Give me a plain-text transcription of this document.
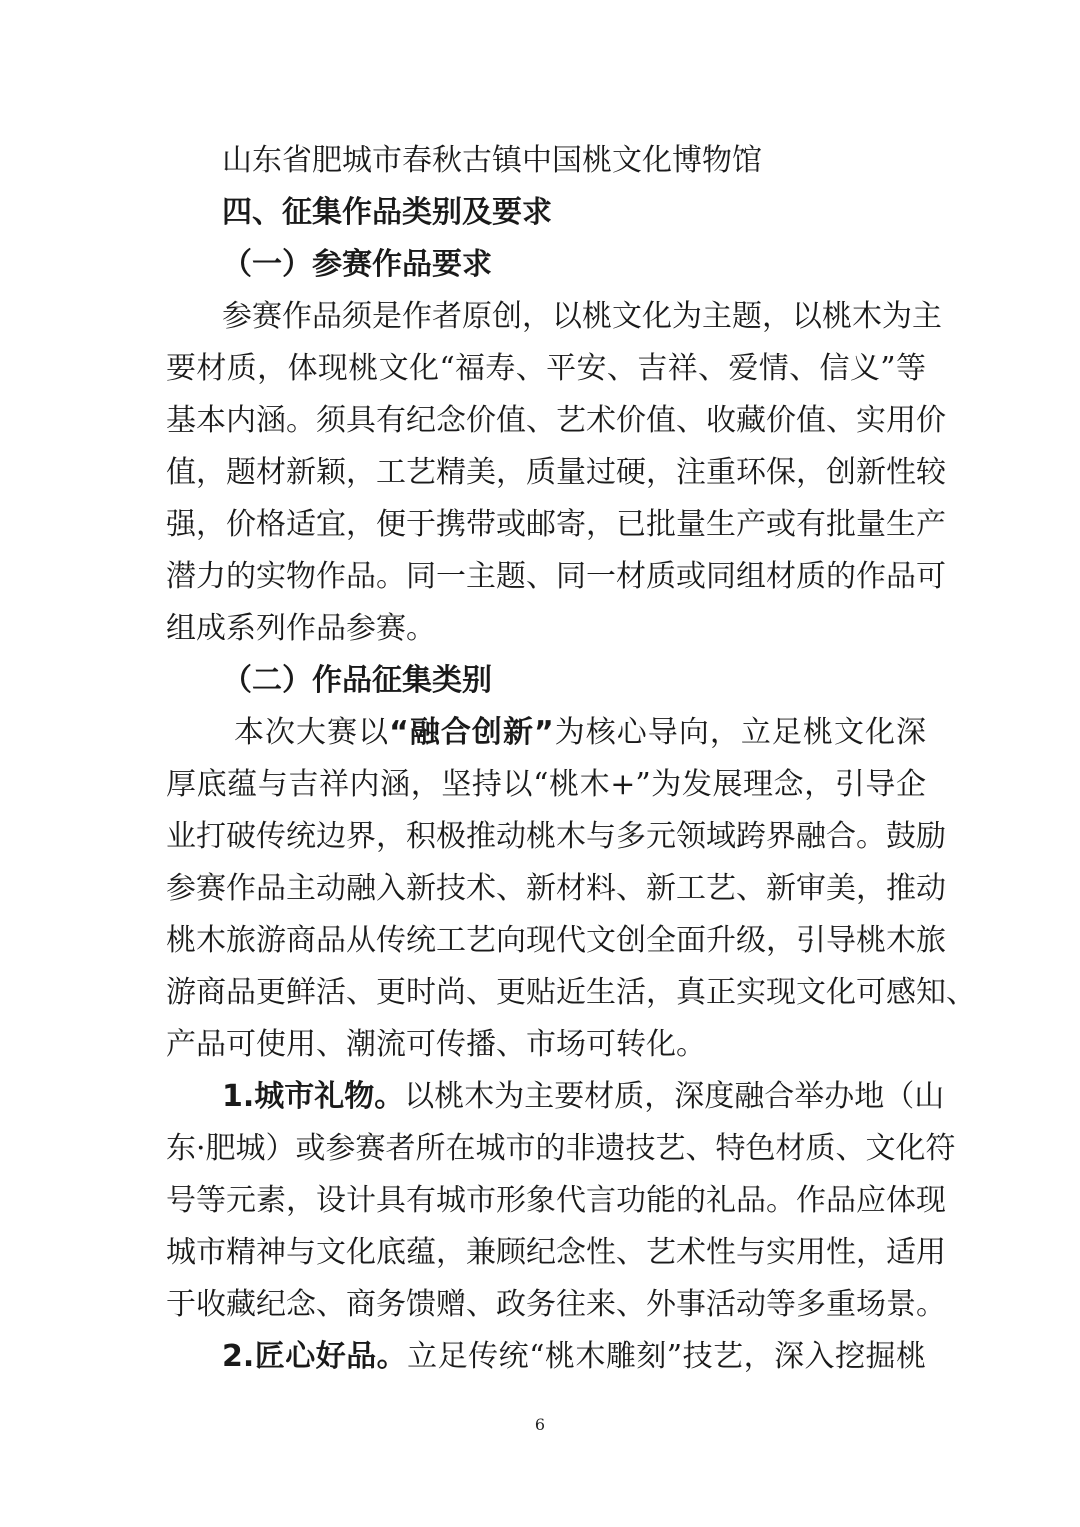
山东省肥城市春秋古镇中国桃文化博物馆
四、征集作品类别及要求
（一）参赛作品要求
参赛作品须是作者原创，以桃文化为主题，以桃木为主
要材质，体现桃文化“福寿、平安、吉祥、爱情、信义”等
基本内涵。须具有纪念价值、艺术价值、收藏价值、实用价
值，题材新颖，工艺精美，质量过硬，注重环保，创新性较
强，价格适宜，便于携带或邮寄，已批量生产或有批量生产
潜力的实物作品。同一主题、同一材质或同组材质的作品可
组成系列作品参赛。
（二）作品征集类别
本次大赛以“融合创新”为核心导向，立足桃文化深
厚底蕴与吉祥内涵，坚持以“桃木+”为发展理念，引导企
业打破传统边界，积极推动桃木与多元领域跨界融合。鼓励
参赛作品主动融入新技术、新材料、新工艺、新审美，推动
桃木旅游商品从传统工艺向现代文创全面升级，引导桃木旅
游商品更鲜活、更时尚、更贴近生活，真正实现文化可感知、
产品可使用、潮流可传播、市场可转化。
1.城市礼物。以桃木为主要材质，深度融合举办地（山
东·肥城）或参赛者所在城市的非遗技艺、特色材质、文化符
号等元素，设计具有城市形象代言功能的礼品。作品应体现
城市精神与文化底蕴，兼顾纪念性、艺术性与实用性，适用
于收藏纪念、商务馈赠、政务往来、外事活动等多重场景。
2.匠心好品。立足传统“桃木雕刻”技艺，深入挖掘桃
6
